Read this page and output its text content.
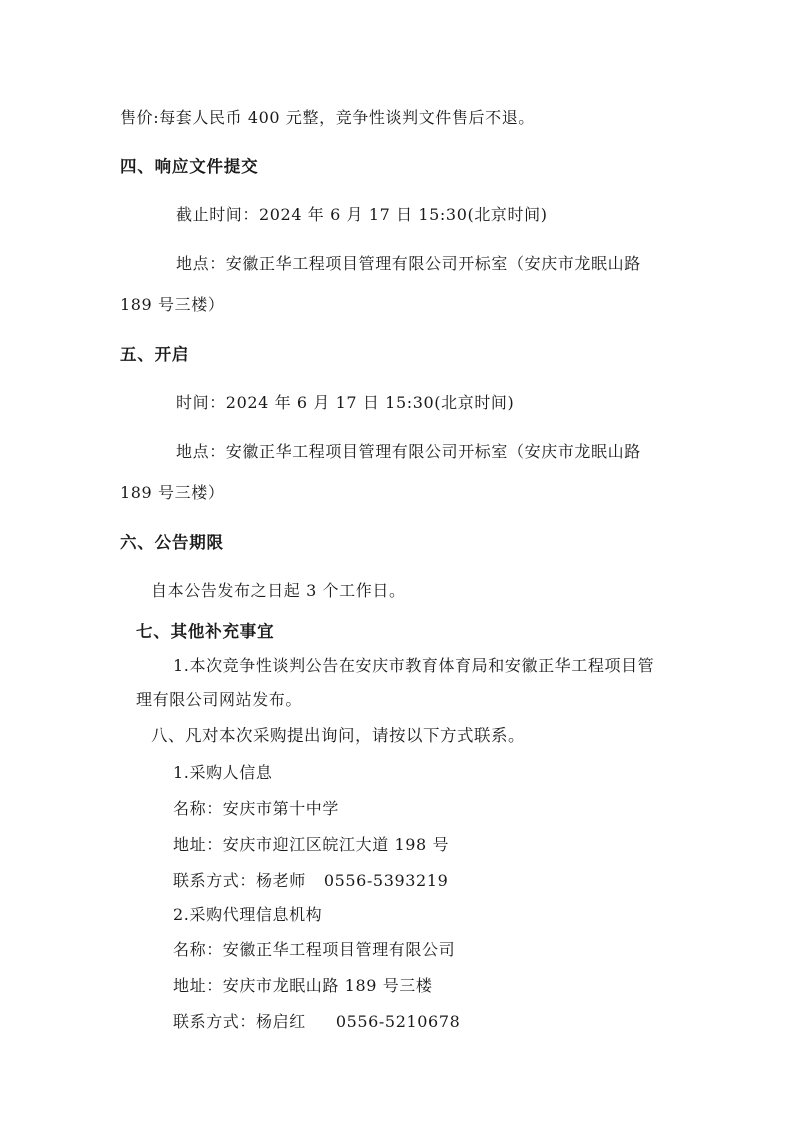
售价:每套人民币 400 元整，竞争性谈判文件售后不退。
四、响应文件提交
截止时间：2024 年 6 月 17 日 15:30(北京时间)
地点：安徽正华工程项目管理有限公司开标室（安庆市龙眠山路
189 号三楼）
五、开启
时间：2024 年 6 月 17 日 15:30(北京时间)
地点：安徽正华工程项目管理有限公司开标室（安庆市龙眠山路
189 号三楼）
六、公告期限
自本公告发布之日起 3 个工作日。
七、其他补充事宜
1.本次竞争性谈判公告在安庆市教育体育局和安徽正华工程项目管
理有限公司网站发布。
八、凡对本次采购提出询问，请按以下方式联系。
1.采购人信息
名称：安庆市第十中学
地址：安庆市迎江区皖江大道 198 号
联系方式：杨老师 0556-5393219
2.采购代理信息机构
名称：安徽正华工程项目管理有限公司
地址：安庆市龙眠山路 189 号三楼
联系方式：杨启红 0556-5210678
